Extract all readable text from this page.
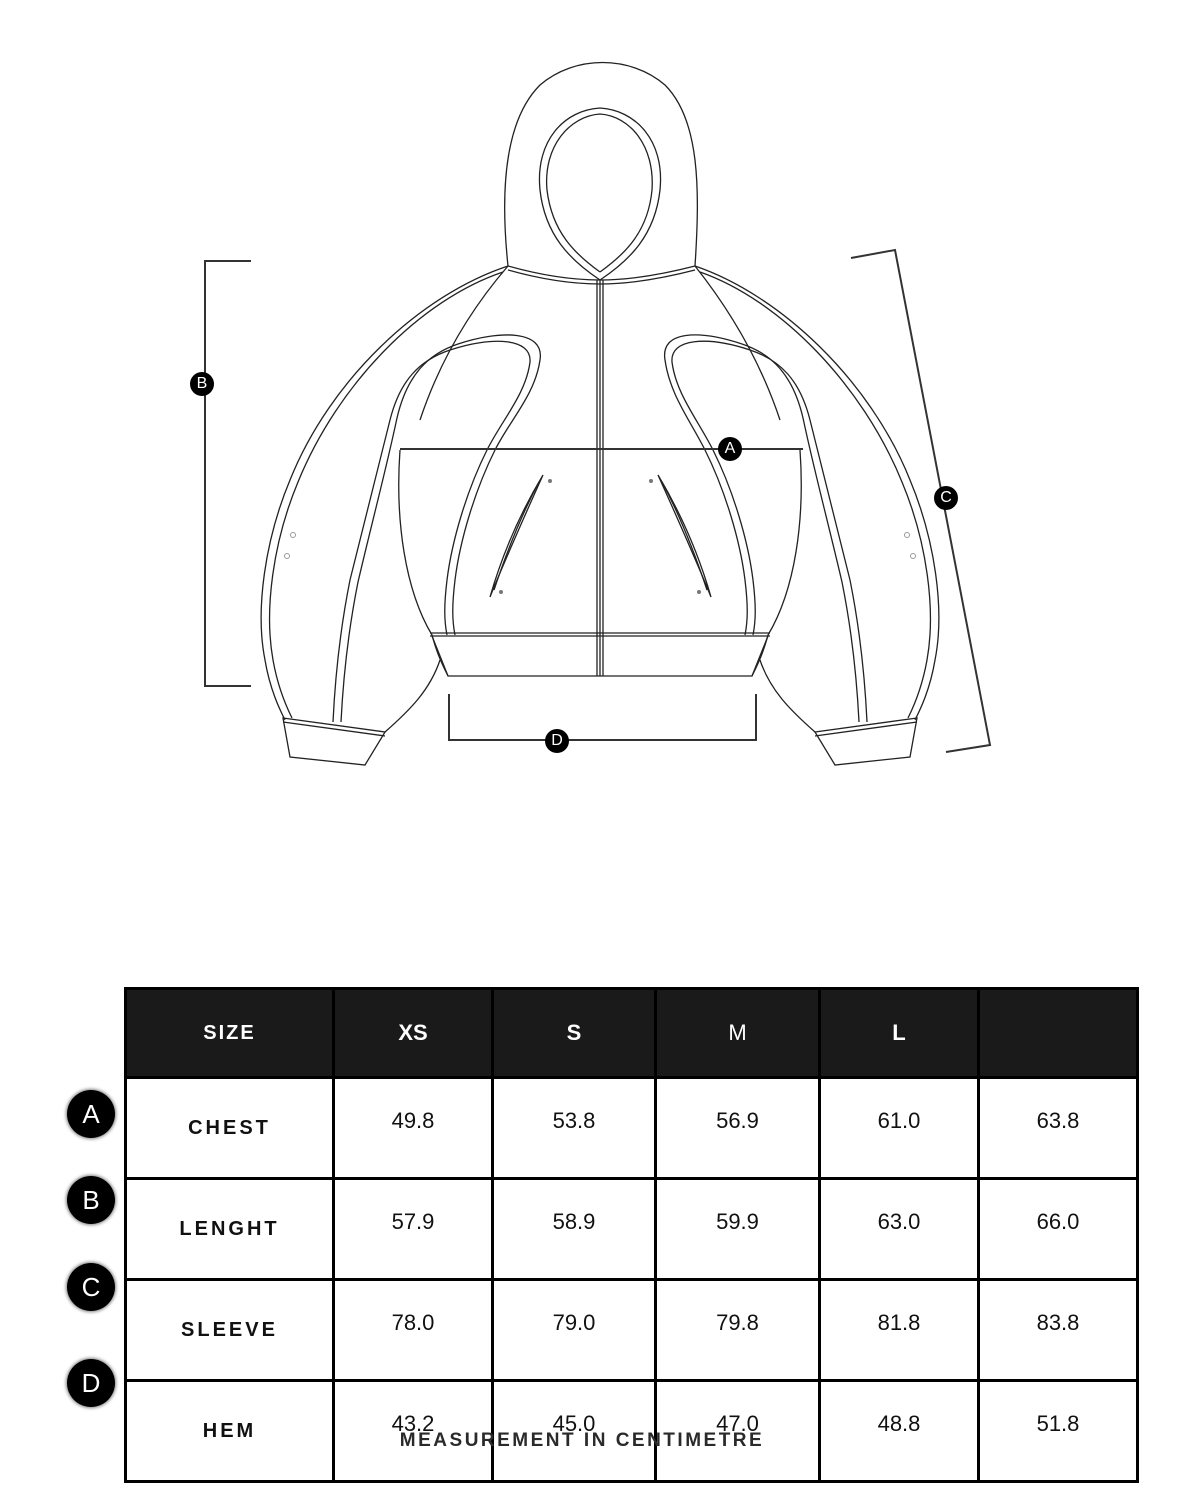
A
B
C
D
A
B
C
D
SIZE	XS	S	M	L	
CHEST	49.8	53.8	56.9	61.0	63.8
LENGHT	57.9	58.9	59.9	63.0	66.0
SLEEVE	78.0	79.0	79.8	81.8	83.8
HEM	43.2	45.0	47.0	48.8	51.8
MEASUREMENT IN CENTIMETRE
